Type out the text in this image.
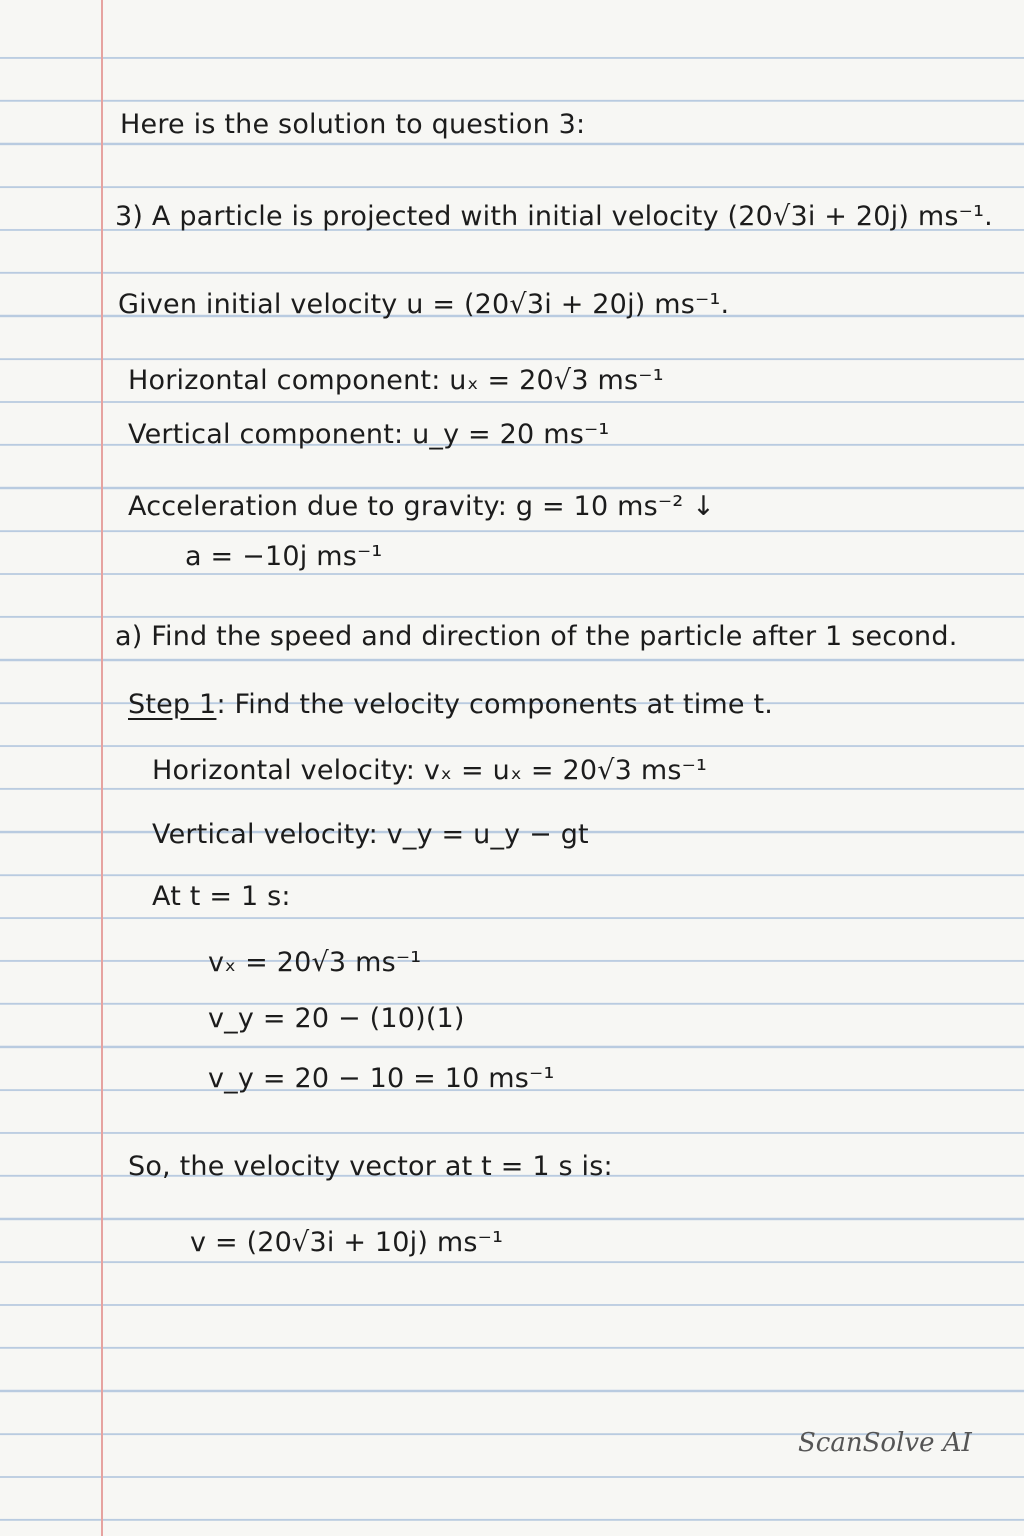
Here is the solution to question 3:
3) A particle is projected with initial velocity (20√3i + 20j) ms⁻¹.
Given initial velocity u = (20√3i + 20j) ms⁻¹.
Horizontal component: uₓ = 20√3 ms⁻¹
Vertical component: u_y = 20 ms⁻¹
Acceleration due to gravity: g = 10 ms⁻² ↓
a = −10j ms⁻¹
a) Find the speed and direction of the particle after 1 second.
Step 1: Find the velocity components at time t.
Horizontal velocity: vₓ = uₓ = 20√3 ms⁻¹
Vertical velocity: v_y = u_y − gt
At t = 1 s:
vₓ = 20√3 ms⁻¹
v_y = 20 − (10)(1)
v_y = 20 − 10 = 10 ms⁻¹
So, the velocity vector at t = 1 s is:
v = (20√3i + 10j) ms⁻¹
ScanSolve AI
